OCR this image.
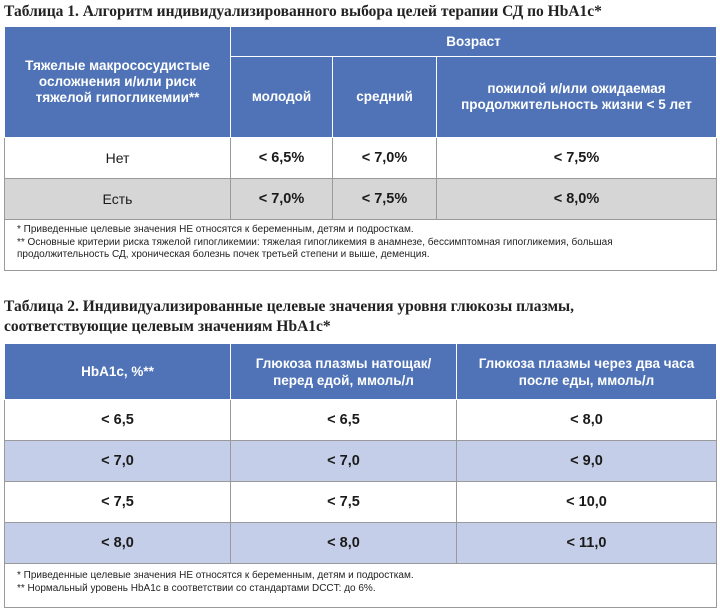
Таблица 1. Алгоритм индивидуализированного выбора целей терапии СД по HbA1c*
Тяжелые макрососудистые осложнения и/или риск тяжелой гипогликемии**	Возраст		
	молодой	средний	пожилой и/или ожидаемая продолжительность жизни < 5 лет
Нет	< 6,5%	< 7,0%	< 7,5%
Есть	< 7,0%	< 7,5%	< 8,0%

* Приведенные целевые значения НЕ относятся к беременным, детям и подросткам.
** Основные критерии риска тяжелой гипогликемии: тяжелая гипогликемия в анамнезе, бессимптомная гипогликемия, большая продолжительность СД, хроническая болезнь почек третьей степени и выше, деменция.			
Таблица 2. Индивидуализированные целевые значения уровня глюкозы плазмы,
соответствующие целевым значениям HbA1c*
HbA1c, %**	Глюкоза плазмы натощак/ перед едой, ммоль/л	Глюкоза плазмы через два часа после еды, ммоль/л
< 6,5	< 6,5	< 8,0
< 7,0	< 7,0	< 9,0
< 7,5	< 7,5	< 10,0
< 8,0	< 8,0	< 11,0

* Приведенные целевые значения НЕ относятся к беременным, детям и подросткам.
** Нормальный уровень HbA1c в соответствии со стандартами DCCT: до 6%.		
